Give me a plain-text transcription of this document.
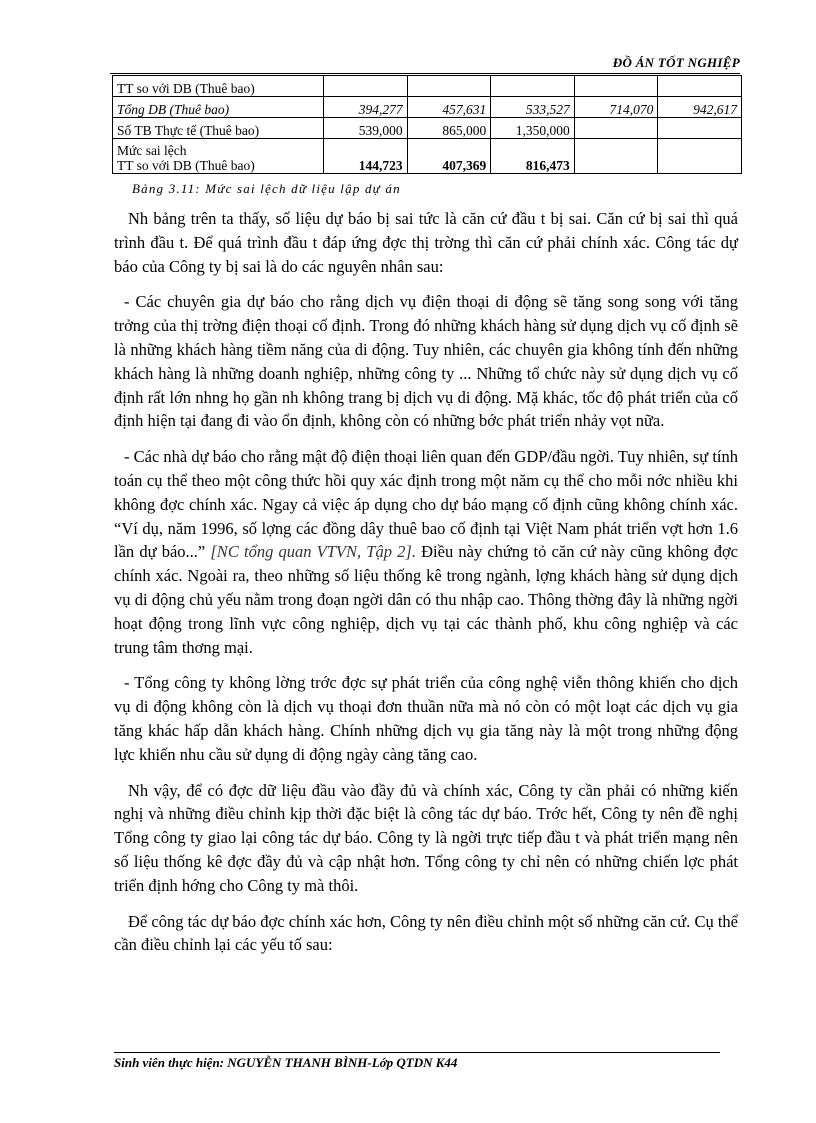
ĐỒ ÁN TỐT NGHIỆP
TT so với DB (Thuê bao)					
Tổng DB (Thuê bao)	394,277	457,631	533,527	714,070	942,617
Số TB Thực tế (Thuê bao)	539,000	865,000	1,350,000		

Mức sai lệch
TT so với DB (Thuê bao)	144,723	407,369	816,473		
Bảng 3.11: Mức sai lệch dữ liệu lập dự án

Nh bảng trên ta thấy, số liệu dự báo bị sai tức là căn cứ đầu t bị sai. Căn cứ bị sai thì quá trình đầu t. Để quá trình đầu t đáp ứng đợc thị trờng thì căn cứ phải chính xác. Công tác dự báo của Công ty bị sai là do các nguyên nhân sau:

- Các chuyên gia dự báo cho rằng dịch vụ điện thoại di động sẽ tăng song song với tăng trởng của thị trờng điện thoại cố định. Trong đó những khách hàng sử dụng dịch vụ cố định sẽ là những khách hàng tiềm năng của di động. Tuy nhiên, các chuyên gia không tính đến những khách hàng là những doanh nghiệp, những công ty ... Những tổ chức này sử dụng dịch vụ cố định rất lớn nhng họ gần nh không trang bị dịch vụ di động. Mặ khác, tốc độ phát triển của cố định hiện tại đang đi vào ổn định, không còn có những bớc phát triển nhảy vọt nữa.

- Các nhà dự báo cho rằng mật độ điện thoại liên quan đến GDP/đầu ngời. Tuy nhiên, sự tính toán cụ thể theo một công thức hồi quy xác định trong một năm cụ thể cho mỗi nớc nhiều khi không đợc chính xác. Ngay cả việc áp dụng cho dự báo mạng cố định cũng không chính xác. “Ví dụ, năm 1996, số lợng các đồng dây thuê bao cố định tại Việt Nam phát triển vợt hơn 1.6 lần dự báo...” [NC tổng quan VTVN, Tập 2]. Điều này chứng tỏ căn cứ này cũng không đợc chính xác. Ngoài ra, theo những số liệu thống kê trong ngành, lợng khách hàng sử dụng dịch vụ di động chủ yếu nằm trong đoạn ngời dân có thu nhập cao. Thông thờng đây là những ngời hoạt động trong lĩnh vực công nghiệp, dịch vụ tại các thành phố, khu công nghiệp và các trung tâm thơng mại.

- Tổng công ty không lờng trớc đợc sự phát triển của công nghệ viễn thông khiến cho dịch vụ di động không còn là dịch vụ thoại đơn thuần nữa mà nó còn có một loạt các dịch vụ gia tăng khác hấp dẫn khách hàng. Chính những dịch vụ gia tăng này là một trong những động lực khiến nhu cầu sử dụng di động ngày càng tăng cao.

Nh vậy, để có đợc dữ liệu đầu vào đầy đủ và chính xác, Công ty cần phải có những kiến nghị và những điều chỉnh kịp thời đặc biệt là công tác dự báo. Trớc hết, Công ty nên đề nghị Tổng công ty giao lại công tác dự báo. Công ty là ngời trực tiếp đầu t và phát triển mạng nên số liệu thống kê đợc đầy đủ và cập nhật hơn. Tổng công ty chỉ nên có những chiến lợc phát triển định hớng cho Công ty mà thôi.

Để công tác dự báo đợc chính xác hơn, Công ty nên điều chỉnh một số những căn cứ. Cụ thể cần điều chỉnh lại các yếu tố sau:

Sinh viên thực hiện: NGUYỄN THANH BÌNH-Lớp QTDN K44
